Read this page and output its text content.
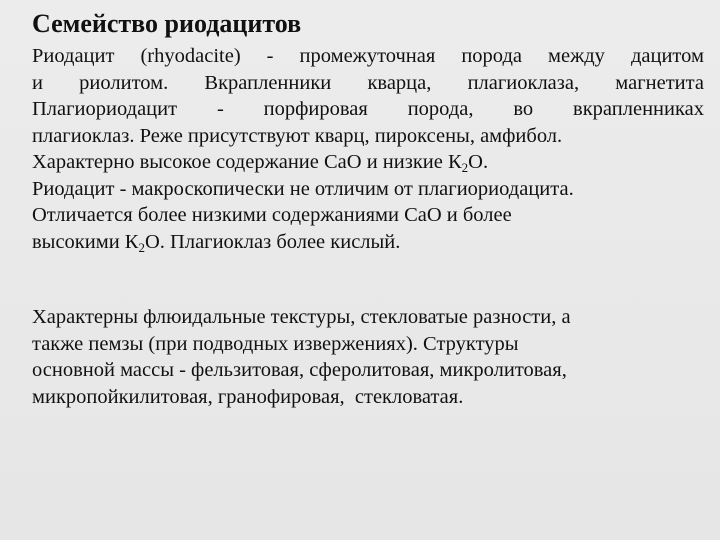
Семейство риодацитов
Риодацит (rhyodacite) - промежуточная порода между дацитом
и риолитом. Вкрапленники кварца, плагиоклаза, магнетита
Плагиориодацит - порфировая порода, во вкрапленниках
плагиоклаз. Реже присутствуют кварц, пироксены, амфибол.
Характерно высокое содержание СаО и низкие $К_2О$.
Риодацит - макроскопически не отличим от плагиориодацита.
Отличается более низкими содержаниями СаО и более
высокими $К_2О$. Плагиоклаз более кислый.
Характерны флюидальные текстуры, стекловатые разности, а
также пемзы (при подводных извержениях). Структуры
основной массы - фельзитовая, сферолитовая, микролитовая,
микропойкилитовая, гранофировая,  стекловатая.
